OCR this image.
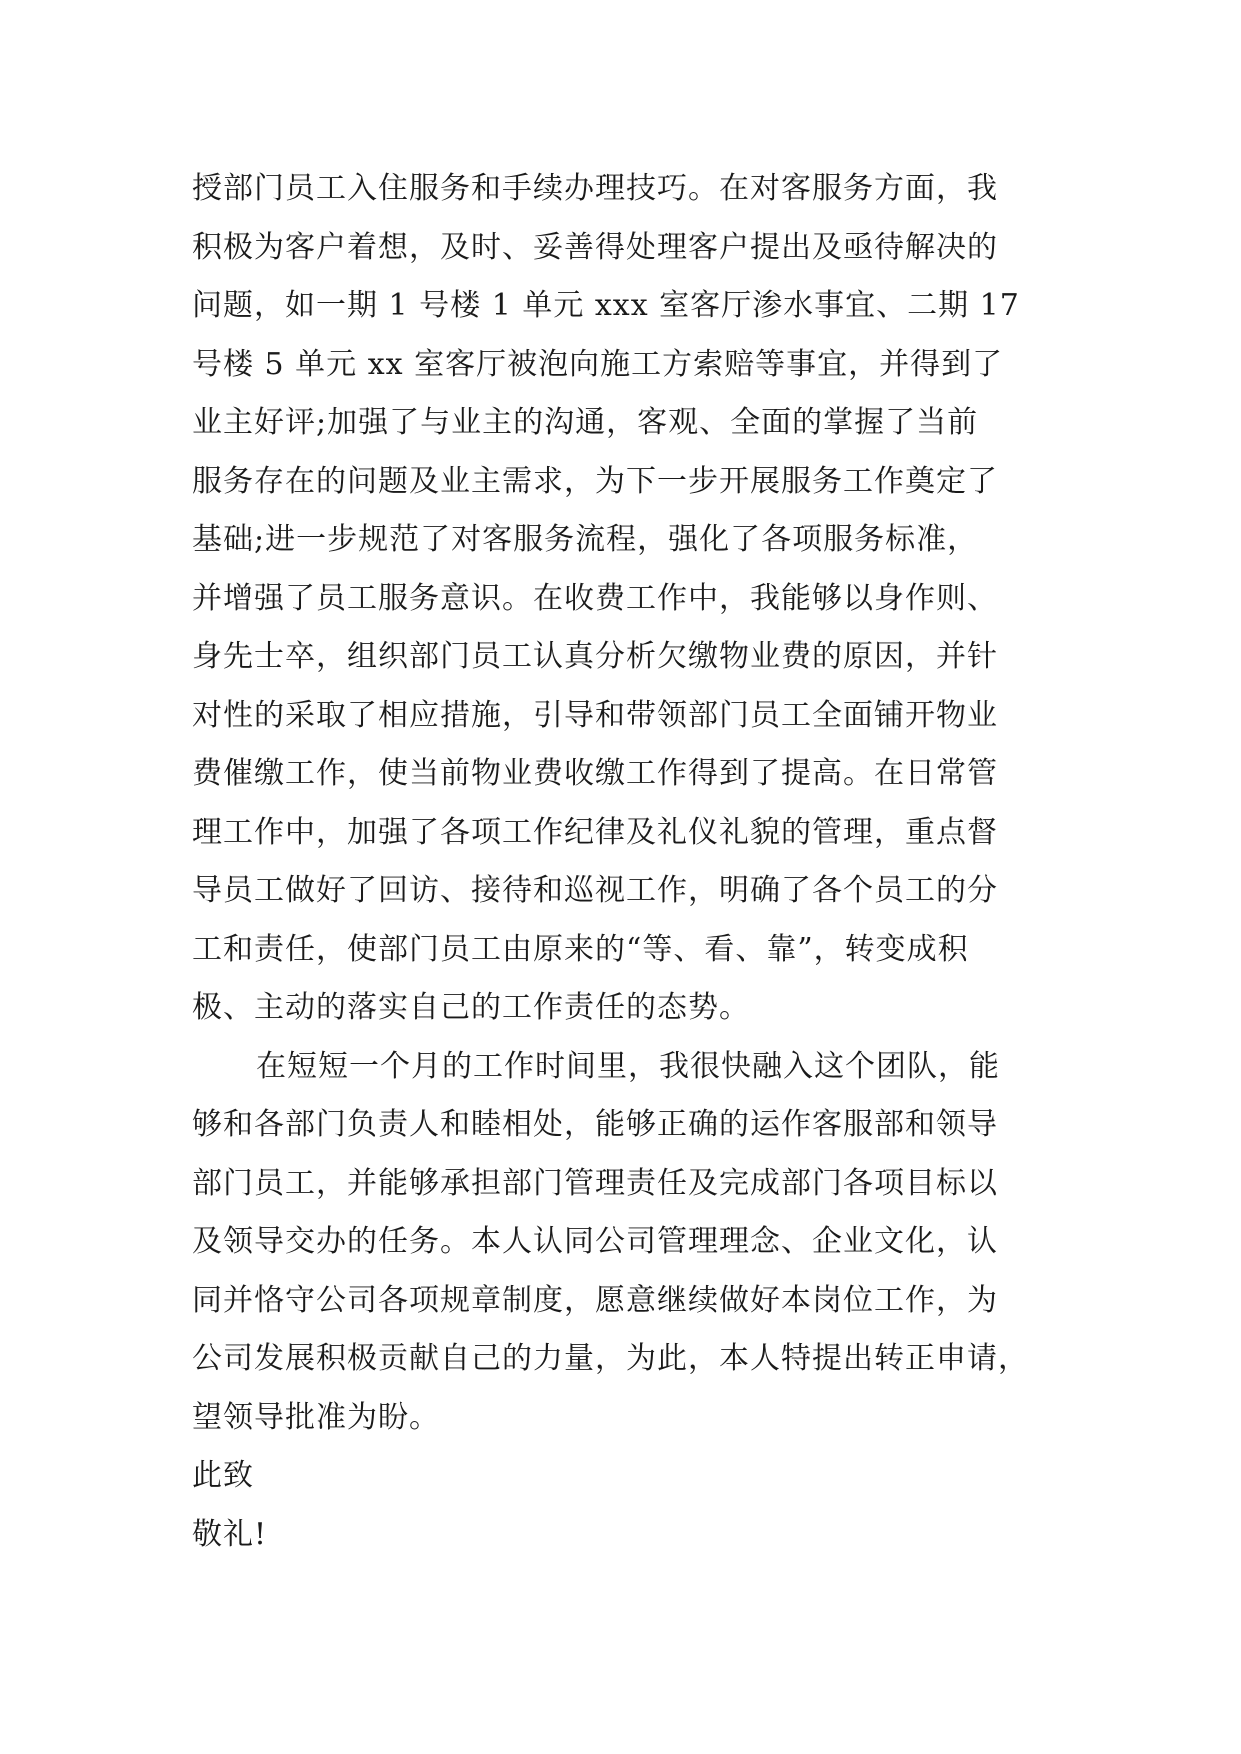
授部门员工入住服务和手续办理技巧。在对客服务方面，我
积极为客户着想，及时、妥善得处理客户提出及亟待解决的
问题，如一期 1 号楼 1 单元 xxx 室客厅渗水事宜、二期 17
号楼 5 单元 xx 室客厅被泡向施工方索赔等事宜，并得到了
业主好评;加强了与业主的沟通，客观、全面的掌握了当前
服务存在的问题及业主需求，为下一步开展服务工作奠定了
基础;进一步规范了对客服务流程，强化了各项服务标准，
并增强了员工服务意识。在收费工作中，我能够以身作则、
身先士卒，组织部门员工认真分析欠缴物业费的原因，并针
对性的采取了相应措施，引导和带领部门员工全面铺开物业
费催缴工作，使当前物业费收缴工作得到了提高。在日常管
理工作中，加强了各项工作纪律及礼仪礼貌的管理，重点督
导员工做好了回访、接待和巡视工作，明确了各个员工的分
工和责任，使部门员工由原来的“等、看、靠”，转变成积
极、主动的落实自己的工作责任的态势。
在短短一个月的工作时间里，我很快融入这个团队，能
够和各部门负责人和睦相处，能够正确的运作客服部和领导
部门员工，并能够承担部门管理责任及完成部门各项目标以
及领导交办的任务。本人认同公司管理理念、企业文化，认
同并恪守公司各项规章制度，愿意继续做好本岗位工作，为
公司发展积极贡献自己的力量，为此，本人特提出转正申请，
望领导批准为盼。
此致
敬礼!
